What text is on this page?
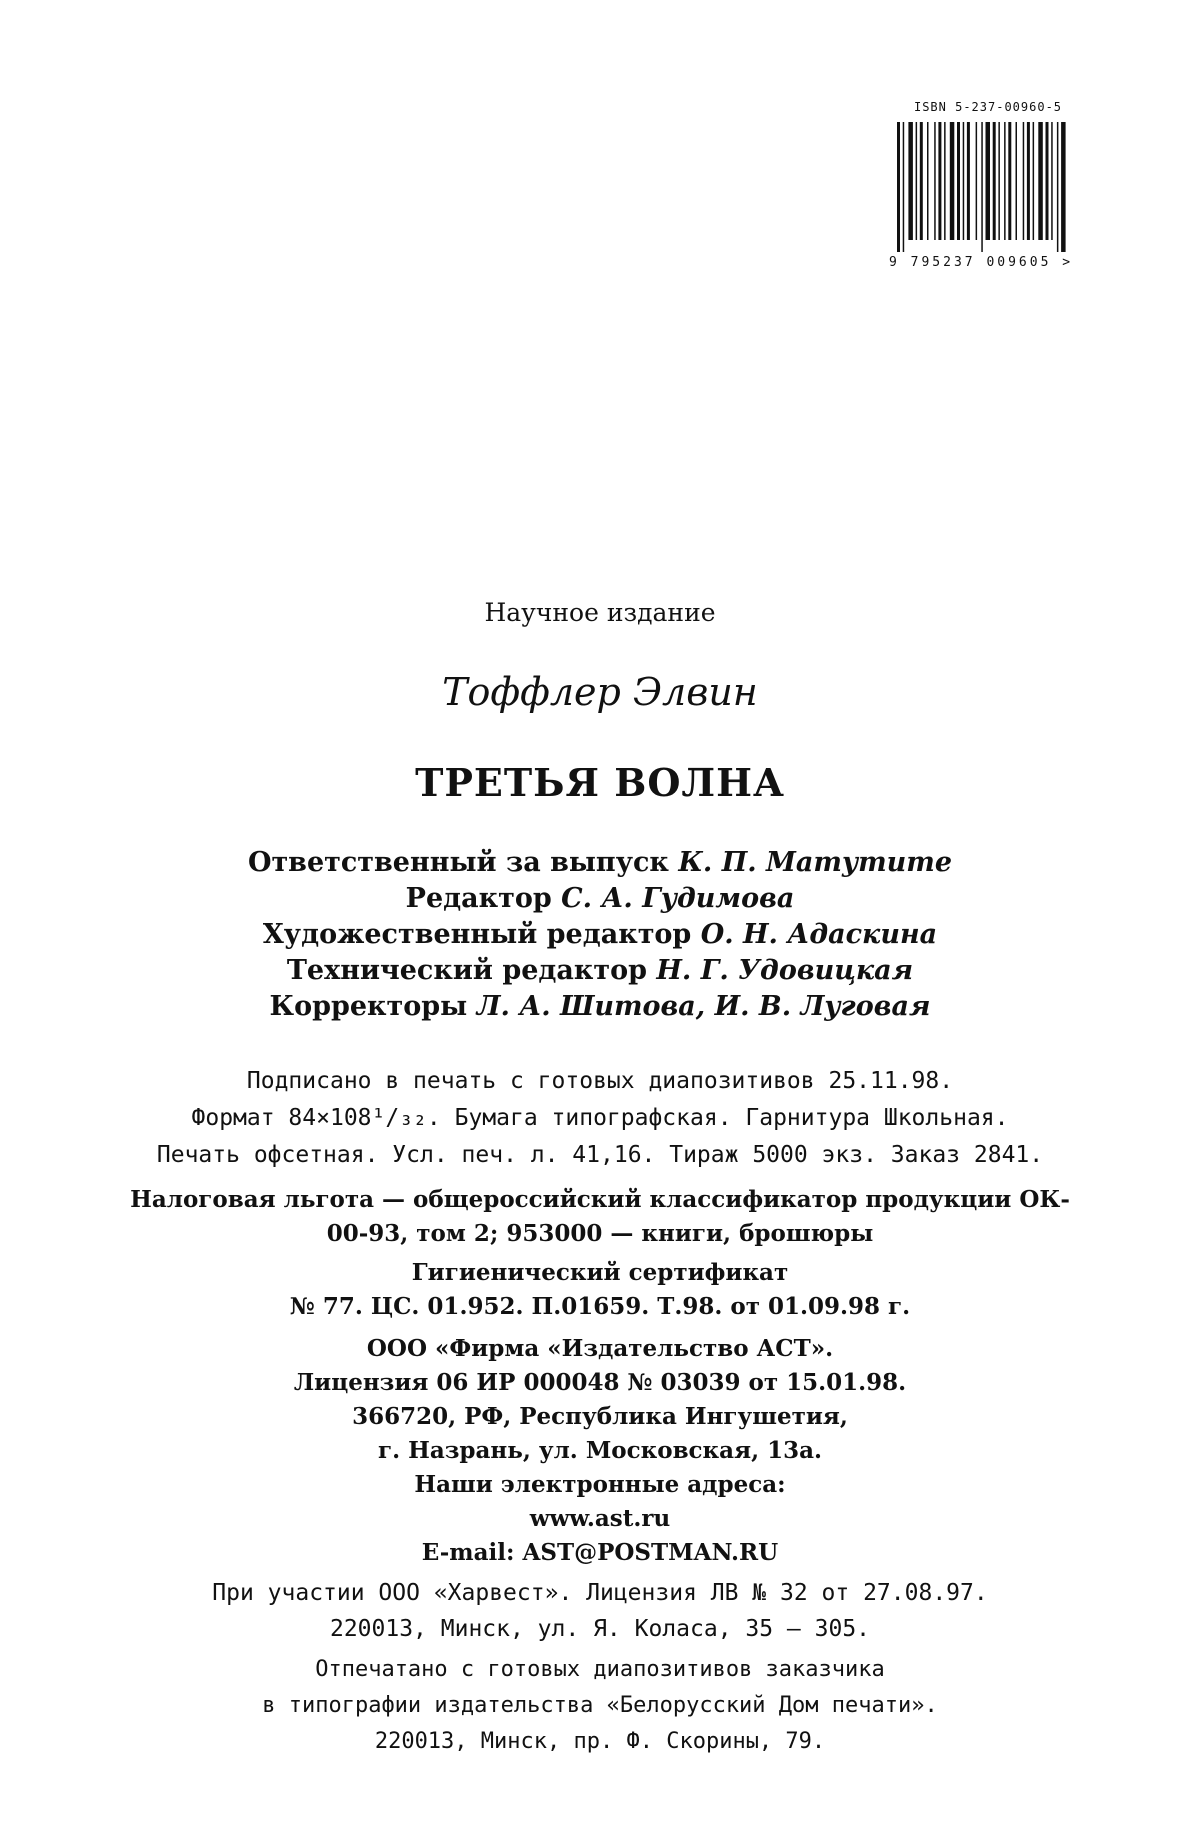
ISBN 5-237-00960-5
9 795237 009605 >
Научное издание
Тоффлер Элвин
ТРЕТЬЯ ВОЛНА
Ответственный за выпуск К. П. Матутите
Редактор С. А. Гудимова
Художественный редактор О. Н. Адаскина
Технический редактор Н. Г. Удовицкая
Корректоры Л. А. Шитова, И. В. Луговая
Подписано в печать с готовых диапозитивов 25.11.98.
Формат 84×108¹/₃₂. Бумага типографская. Гарнитура Школьная.
Печать офсетная. Усл. печ. л. 41,16. Тираж 5000 экз. Заказ 2841.
Налоговая льгота — общероссийский классификатор продукции ОК-
00-93, том 2; 953000 — книги, брошюры
Гигиенический сертификат
№ 77. ЦС. 01.952. П.01659. Т.98. от 01.09.98 г.
ООО «Фирма «Издательство АСТ».
Лицензия 06 ИР 000048 № 03039 от 15.01.98.
366720, РФ, Республика Ингушетия,
г. Назрань, ул. Московская, 13а.
Наши электронные адреса:
www.ast.ru
E-mail: AST@POSTMAN.RU
При участии ООО «Харвест». Лицензия ЛВ № 32 от 27.08.97.
220013, Минск, ул. Я. Коласа, 35 — 305.
Отпечатано с готовых диапозитивов заказчика
в типографии издательства «Белорусский Дом печати».
220013, Минск, пр. Ф. Скорины, 79.
